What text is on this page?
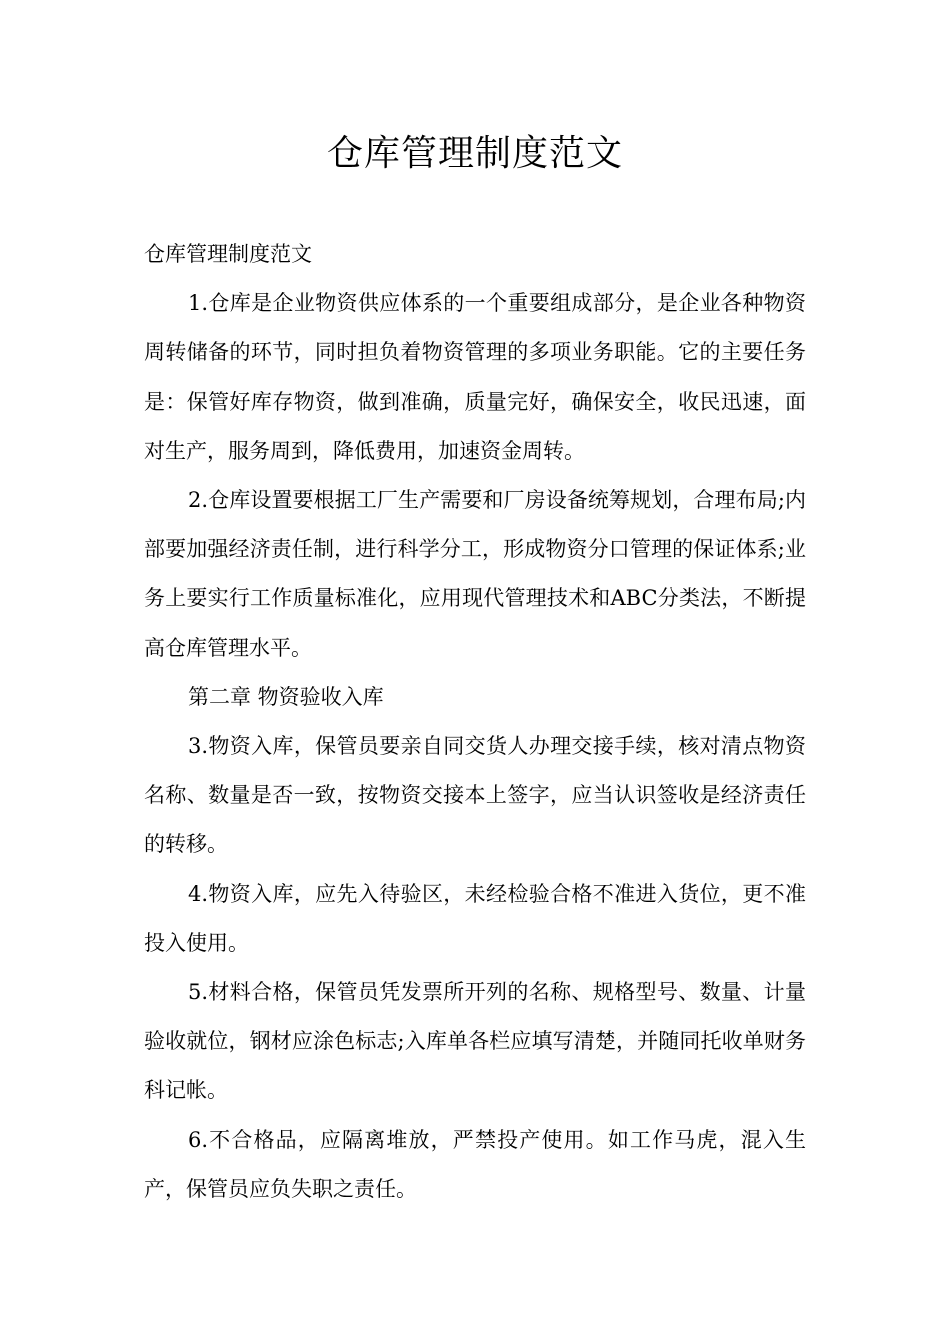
仓库管理制度范文

仓库管理制度范文

1.仓库是企业物资供应体系的一个重要组成部分，是企业各种物资周转储备的环节，同时担负着物资管理的多项业务职能。它的主要任务是：保管好库存物资，做到准确，质量完好，确保安全，收民迅速，面对生产，服务周到，降低费用，加速资金周转。

2.仓库设置要根据工厂生产需要和厂房设备统筹规划，合理布局;内部要加强经济责任制，进行科学分工，形成物资分口管理的保证体系;业务上要实行工作质量标准化，应用现代管理技术和ABC分类法，不断提高仓库管理水平。

第二章 物资验收入库

3.物资入库，保管员要亲自同交货人办理交接手续，核对清点物资名称、数量是否一致，按物资交接本上签字，应当认识签收是经济责任的转移。

4.物资入库，应先入待验区，未经检验合格不准进入货位，更不准投入使用。

5.材料合格，保管员凭发票所开列的名称、规格型号、数量、计量验收就位，钢材应涂色标志;入库单各栏应填写清楚，并随同托收单财务科记帐。

6.不合格品，应隔离堆放，严禁投产使用。如工作马虎，混入生产，保管员应负失职之责任。
